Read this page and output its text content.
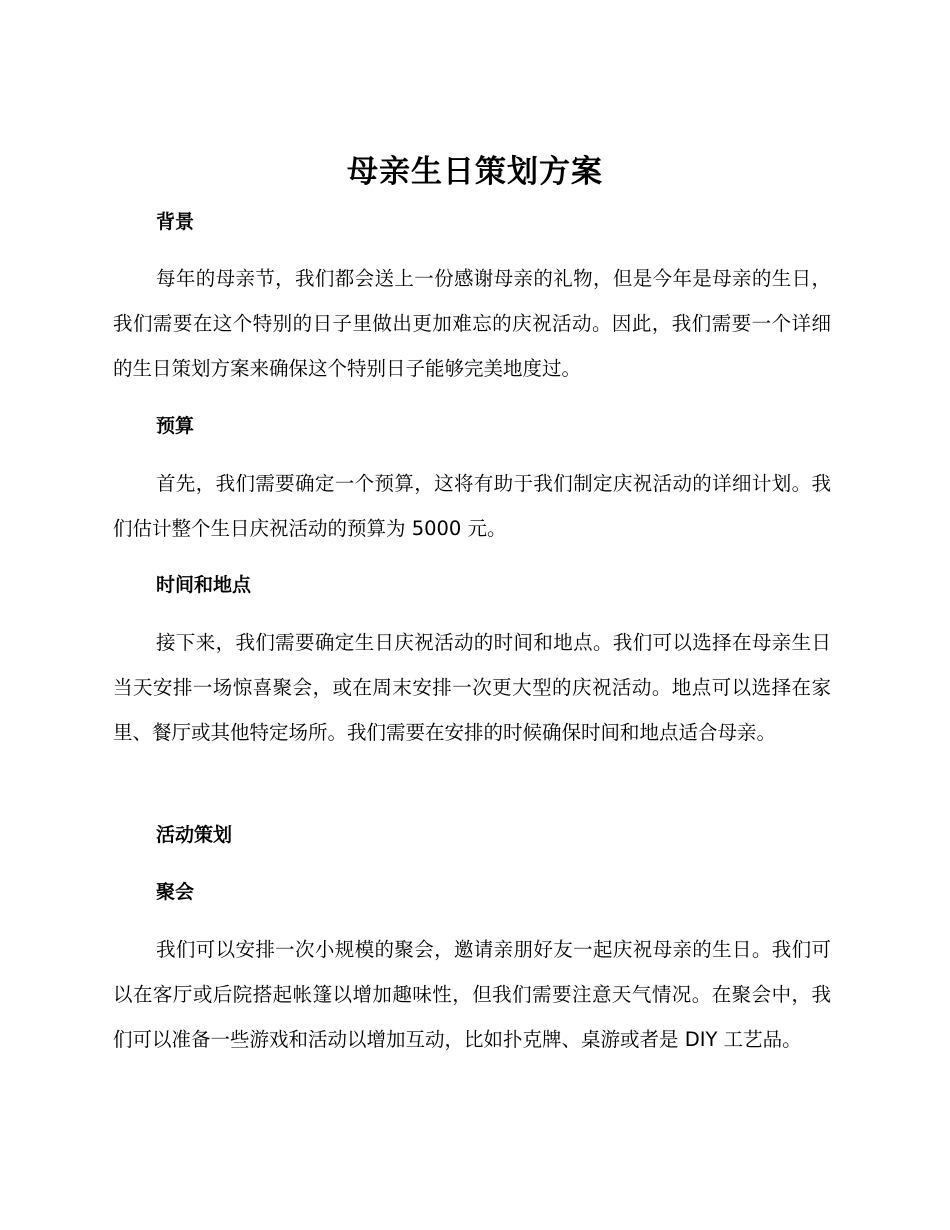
母亲生日策划方案
背景
每年的母亲节，我们都会送上一份感谢母亲的礼物，但是今年是母亲的生日，我们需要在这个特别的日子里做出更加难忘的庆祝活动。因此，我们需要一个详细的生日策划方案来确保这个特别日子能够完美地度过。
预算
首先，我们需要确定一个预算，这将有助于我们制定庆祝活动的详细计划。我们估计整个生日庆祝活动的预算为 5000 元。
时间和地点
接下来，我们需要确定生日庆祝活动的时间和地点。我们可以选择在母亲生日当天安排一场惊喜聚会，或在周末安排一次更大型的庆祝活动。地点可以选择在家里、餐厅或其他特定场所。我们需要在安排的时候确保时间和地点适合母亲。
活动策划
聚会
我们可以安排一次小规模的聚会，邀请亲朋好友一起庆祝母亲的生日。我们可以在客厅或后院搭起帐篷以增加趣味性，但我们需要注意天气情况。在聚会中，我们可以准备一些游戏和活动以增加互动，比如扑克牌、桌游或者是 DIY 工艺品。
